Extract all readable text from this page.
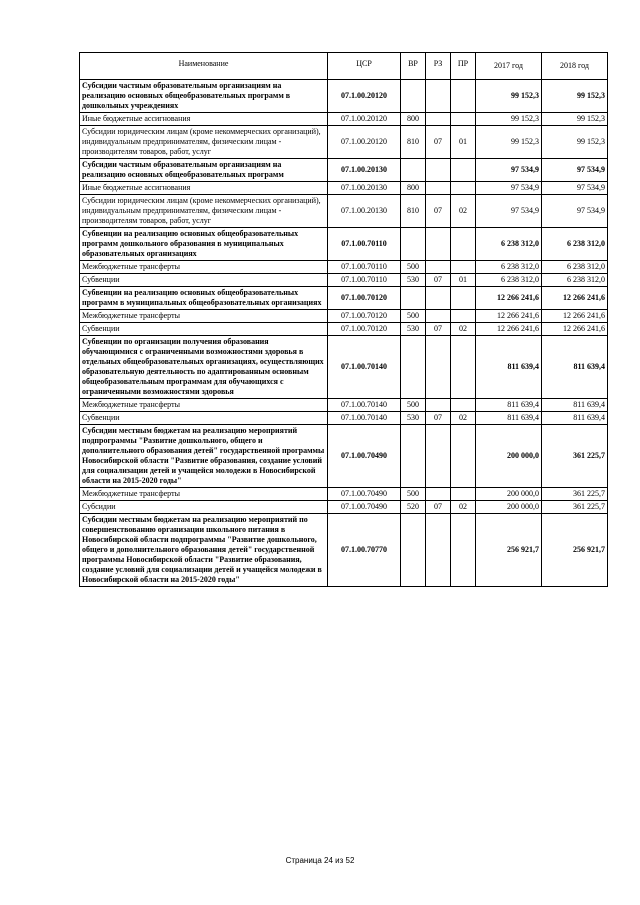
Наименование	ЦСР	ВР	РЗ	ПР	2017 год	2018 год
Субсидии частным образовательным организациям на реализацию основных общеобразовательных программ в дошкольных учреждениях	07.1.00.20120				99 152,3	99 152,3
Иные бюджетные ассигнования	07.1.00.20120	800			99 152,3	99 152,3
Субсидии юридическим лицам (кроме некоммерческих организаций), индивидуальным предпринимателям, физическим лицам - производителям товаров, работ, услуг	07.1.00.20120	810	07	01	99 152,3	99 152,3
Субсидии частным образовательным организациям на реализацию основных общеобразовательных программ	07.1.00.20130				97 534,9	97 534,9
Иные бюджетные ассигнования	07.1.00.20130	800			97 534,9	97 534,9
Субсидии юридическим лицам (кроме некоммерческих организаций), индивидуальным предпринимателям, физическим лицам - производителям товаров, работ, услуг	07.1.00.20130	810	07	02	97 534,9	97 534,9
Субвенции на реализацию основных общеобразовательных программ дошкольного образования в муниципальных образовательных организациях	07.1.00.70110				6 238 312,0	6 238 312,0
Межбюджетные трансферты	07.1.00.70110	500			6 238 312,0	6 238 312,0
Субвенции	07.1.00.70110	530	07	01	6 238 312,0	6 238 312,0
Субвенции на реализацию основных общеобразовательных программ в муниципальных общеобразовательных организациях	07.1.00.70120				12 266 241,6	12 266 241,6
Межбюджетные трансферты	07.1.00.70120	500			12 266 241,6	12 266 241,6
Субвенции	07.1.00.70120	530	07	02	12 266 241,6	12 266 241,6
Субвенции по организации получения образования обучающимися с ограниченными возможностями здоровья в отдельных общеобразовательных организациях, осуществляющих образовательную деятельность по адаптированным основным общеобразовательным программам для обучающихся с ограниченными возможностями здоровья	07.1.00.70140				811 639,4	811 639,4
Межбюджетные трансферты	07.1.00.70140	500			811 639,4	811 639,4
Субвенции	07.1.00.70140	530	07	02	811 639,4	811 639,4
Субсидии местным бюджетам на реализацию мероприятий подпрограммы "Развитие дошкольного, общего и дополнительного образования детей" государственной программы Новосибирской области "Развитие образования, создание условий для социализации детей и учащейся молодежи в Новосибирской области на 2015-2020 годы"	07.1.00.70490				200 000,0	361 225,7
Межбюджетные трансферты	07.1.00.70490	500			200 000,0	361 225,7
Субсидии	07.1.00.70490	520	07	02	200 000,0	361 225,7
Субсидии местным бюджетам на реализацию мероприятий по совершенствованию организации школьного питания в Новосибирской области подпрограммы "Развитие дошкольного, общего и дополнительного образования детей" государственной программы Новосибирской области "Развитие образования, создание условий для социализации детей и учащейся молодежи в Новосибирской области на 2015-2020 годы"	07.1.00.70770				256 921,7	256 921,7
Страница 24 из 52
